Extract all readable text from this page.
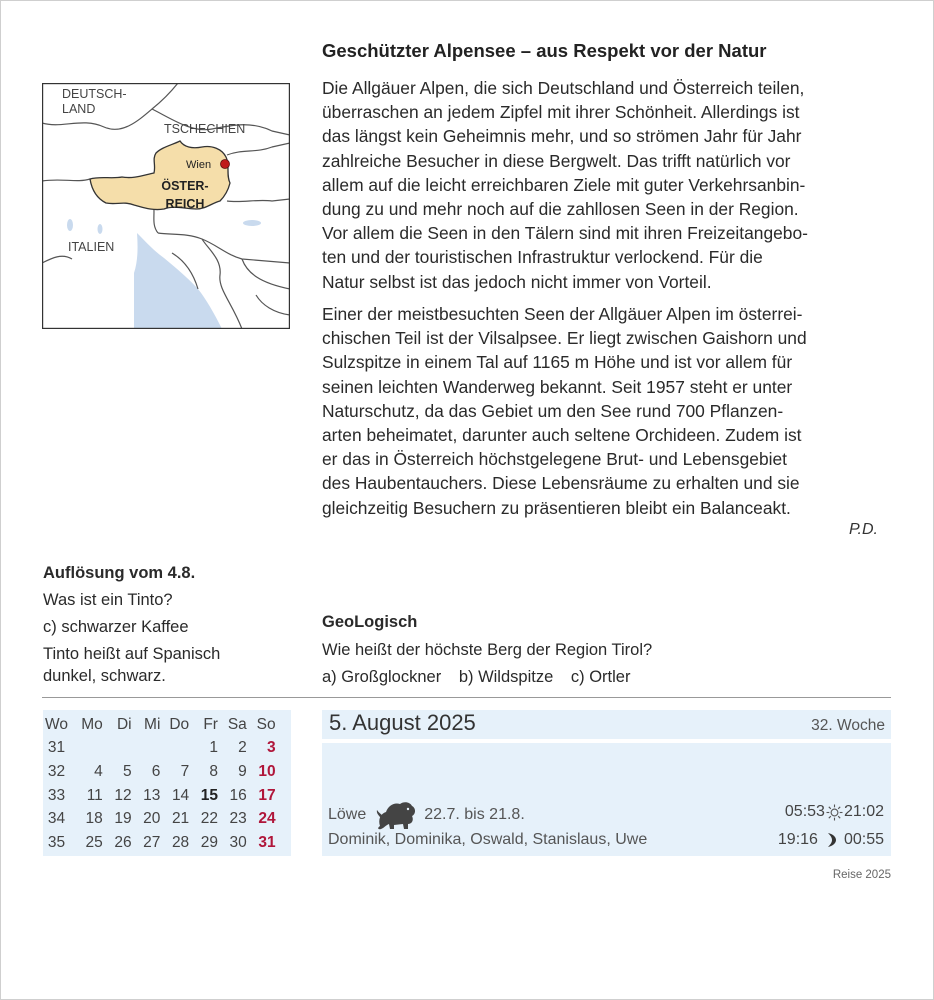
DEUTSCH-
LAND
TSCHECHIEN
Wien
ÖSTER-
REICH
ITALIEN
Geschützter Alpensee – aus Respekt vor der Natur

Die Allgäuer Alpen, die sich Deutschland und Österreich teilen,
überraschen an jedem Zipfel mit ihrer Schönheit. Allerdings ist
das längst kein Geheimnis mehr, und so strömen Jahr für Jahr
zahlreiche Besucher in diese Bergwelt. Das trifft natürlich vor
allem auf die leicht erreichbaren Ziele mit guter Verkehrsanbin-
dung zu und mehr noch auf die zahllosen Seen in der Region.
Vor allem die Seen in den Tälern sind mit ihren Freizeitangebo-
ten und der touristischen Infrastruktur verlockend. Für die
Natur selbst ist das jedoch nicht immer von Vorteil.

Einer der meistbesuchten Seen der Allgäuer Alpen im österrei-
chischen Teil ist der Vilsalpsee. Er liegt zwischen Gaishorn und
Sulzspitze in einem Tal auf 1165 m Höhe und ist vor allem für
seinen leichten Wanderweg bekannt. Seit 1957 steht er unter
Naturschutz, da das Gebiet um den See rund 700 Pflanzen-
arten beheimatet, darunter auch seltene Orchideen. Zudem ist
er das in Österreich höchstgelegene Brut- und Lebensgebiet
des Haubentauchers. Diese Lebensräume zu erhalten und sie
gleichzeitig Besuchern zu präsentieren bleibt ein Balanceakt.

P.D.
Auflösung vom 4.8.
Was ist ein Tinto?
c) schwarzer Kaffee
Tinto heißt auf Spanisch
dunkel, schwarz.
GeoLogisch
Wie heißt der höchste Berg der Region Tirol?
a) Großglockner b) Wildspitze c) Ortler
Wo		Mo	Di	Mi	Do	Fr	Sa	So
31						1	2	3
32		4	5	6	7	8	9	10
33		11	12	13	14	15	16	17
34		18	19	20	21	22	23	24
35		25	26	27	28	29	30	31
5. August 2025	32. Woche
Löwe	22.7. bis 21.8.	05:53 21:02
Dominik, Dominika, Oswald, Stanislaus, Uwe	19:16 00:55
Reise 2025
